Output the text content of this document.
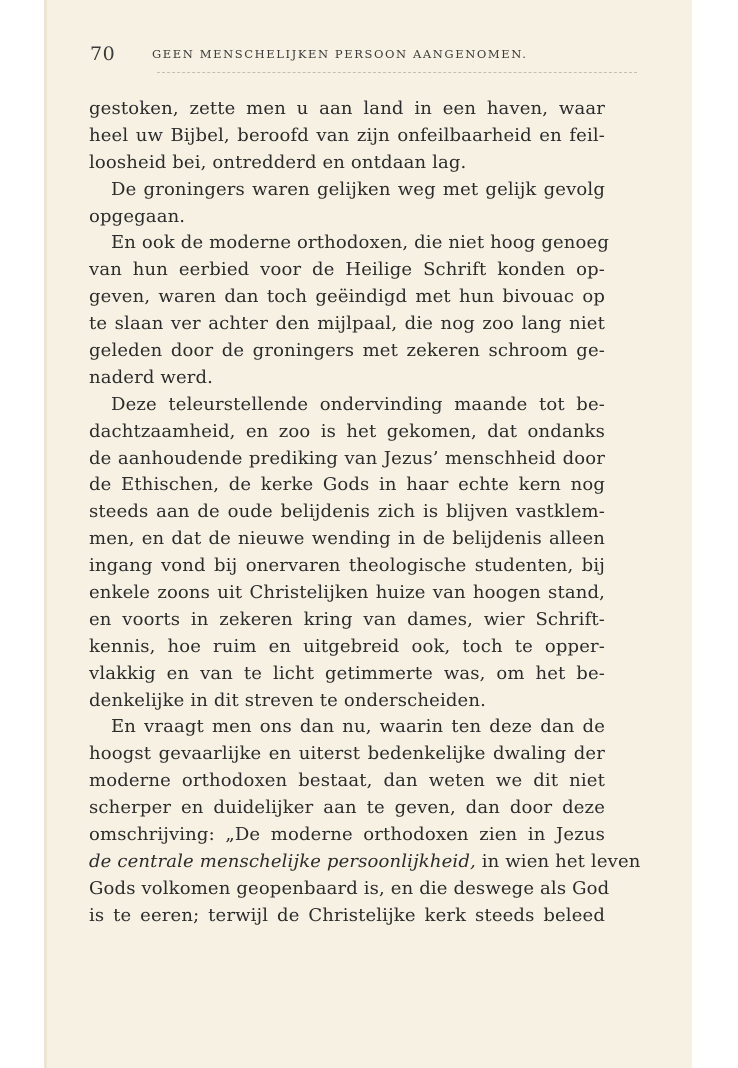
70	GEEN MENSCHELIJKEN PERSOON AANGENOMEN.
gestoken, zette men u aan land in een haven, waar
heel uw Bijbel, beroofd van zijn onfeilbaarheid en feil-
loosheid bei, ontredderd en ontdaan lag.
De groningers waren gelijken weg met gelijk gevolg
opgegaan.
En ook de moderne orthodoxen, die niet hoog genoeg
van hun eerbied voor de Heilige Schrift konden op-
geven, waren dan toch geëindigd met hun bivouac op
te slaan ver achter den mijlpaal, die nog zoo lang niet
geleden door de groningers met zekeren schroom ge-
naderd werd.
Deze teleurstellende ondervinding maande tot be-
dachtzaamheid, en zoo is het gekomen, dat ondanks
de aanhoudende prediking van Jezus’ menschheid door
de Ethischen, de kerke Gods in haar echte kern nog
steeds aan de oude belijdenis zich is blijven vastklem-
men, en dat de nieuwe wending in de belijdenis alleen
ingang vond bij onervaren theologische studenten, bij
enkele zoons uit Christelijken huize van hoogen stand,
en voorts in zekeren kring van dames, wier Schrift-
kennis, hoe ruim en uitgebreid ook, toch te opper-
vlakkig en van te licht getimmerte was, om het be-
denkelijke in dit streven te onderscheiden.
En vraagt men ons dan nu, waarin ten deze dan de
hoogst gevaarlijke en uiterst bedenkelijke dwaling der
moderne orthodoxen bestaat, dan weten we dit niet
scherper en duidelijker aan te geven, dan door deze
omschrijving: „De moderne orthodoxen zien in Jezus
de centrale menschelijke persoonlijkheid, in wien het leven
Gods volkomen geopenbaard is, en die deswege als God
is te eeren; terwijl de Christelijke kerk steeds beleed
